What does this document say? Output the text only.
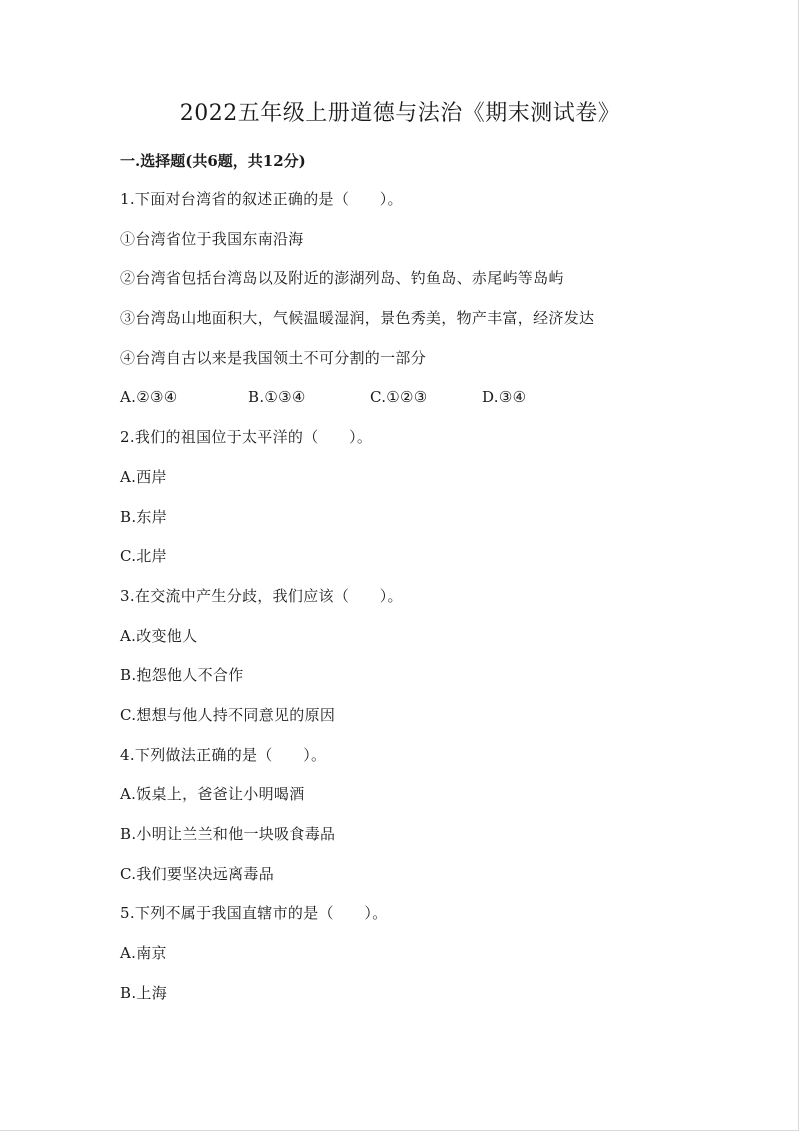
2022五年级上册道德与法治《期末测试卷》
一.选择题(共6题，共12分)
1.下面对台湾省的叙述正确的是（　　）。
①台湾省位于我国东南沿海
②台湾省包括台湾岛以及附近的澎湖列岛、钓鱼岛、赤尾屿等岛屿
③台湾岛山地面积大，气候温暖湿润，景色秀美，物产丰富，经济发达
④台湾自古以来是我国领土不可分割的一部分
A.②③④	B.①③④	C.①②③	D.③④
2.我们的祖国位于太平洋的（　　）。
A.西岸
B.东岸
C.北岸
3.在交流中产生分歧，我们应该（　　）。
A.改变他人
B.抱怨他人不合作
C.想想与他人持不同意见的原因
4.下列做法正确的是（　　）。
A.饭桌上，爸爸让小明喝酒
B.小明让兰兰和他一块吸食毒品
C.我们要坚决远离毒品
5.下列不属于我国直辖市的是（　　）。
A.南京
B.上海
